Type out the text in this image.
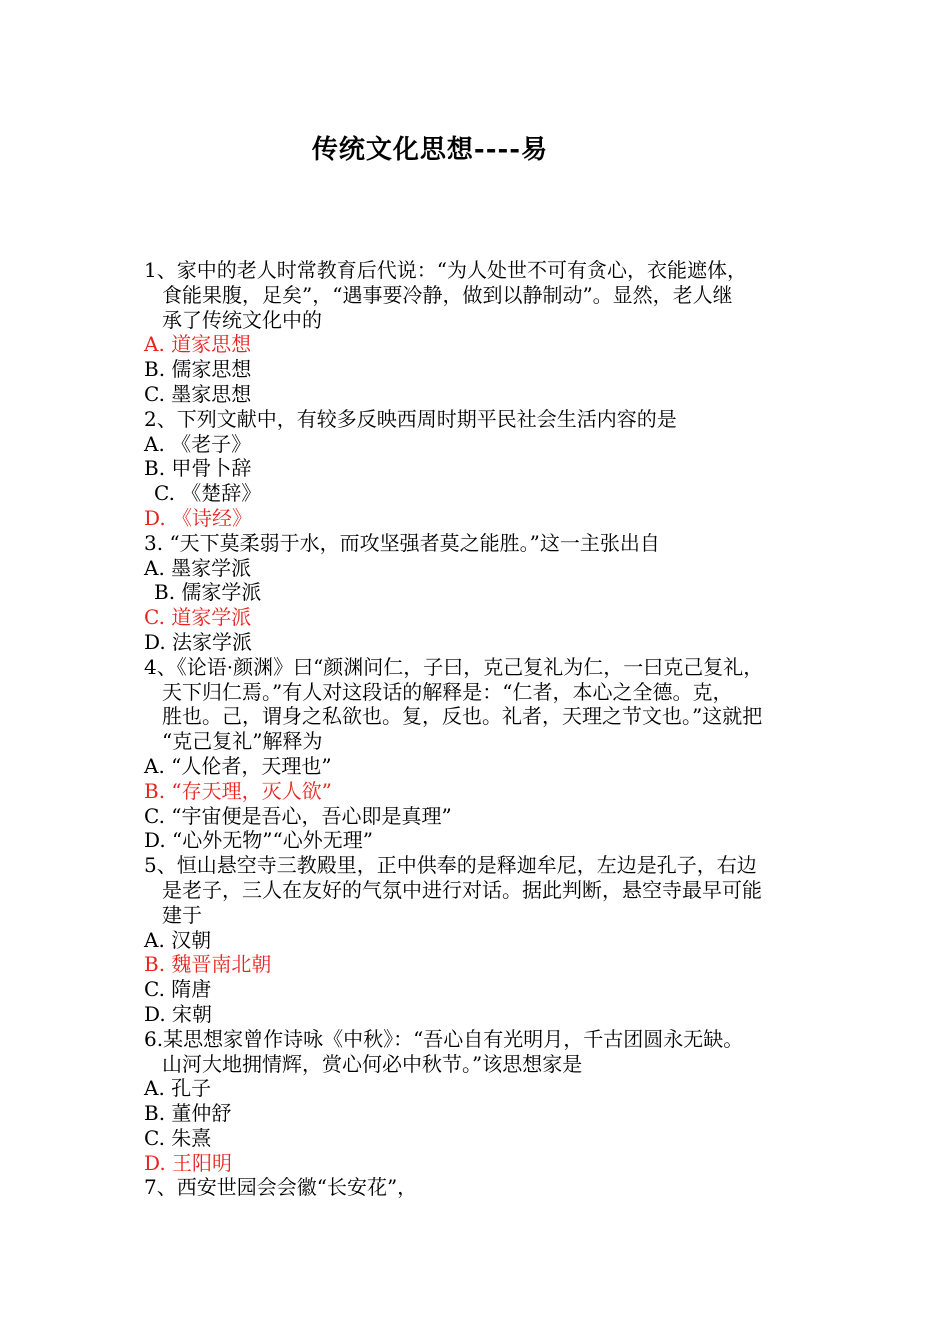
传统文化思想----易
1、家中的老人时常教育后代说：“为人处世不可有贪心，衣能遮体，
食能果腹，足矣”，“遇事要冷静，做到以静制动”。显然，老人继
承了传统文化中的
A. 道家思想
B. 儒家思想
C. 墨家思想
2、下列文献中，有较多反映西周时期平民社会生活内容的是
A. 《老子》
B. 甲骨卜辞
C. 《楚辞》
D. 《诗经》
3. “天下莫柔弱于水，而攻坚强者莫之能胜。”这一主张出自
A. 墨家学派
B. 儒家学派
C. 道家学派
D. 法家学派
4、《论语·颜渊》曰“颜渊问仁，子曰，克己复礼为仁，一曰克己复礼，
天下归仁焉。”有人对这段话的解释是：“仁者，本心之全德。克，
胜也。己，谓身之私欲也。复，反也。礼者，天理之节文也。”这就把
“克己复礼”解释为
A. “人伦者，天理也”
B. “存天理，灭人欲”
C. “宇宙便是吾心，吾心即是真理”
D. “心外无物”“心外无理”
5、恒山悬空寺三教殿里，正中供奉的是释迦牟尼，左边是孔子，右边
是老子，三人在友好的气氛中进行对话。据此判断，悬空寺最早可能
建于
A. 汉朝
B. 魏晋南北朝
C. 隋唐
D. 宋朝
6.某思想家曾作诗咏《中秋》：“吾心自有光明月，千古团圆永无缺。
山河大地拥情辉，赏心何必中秋节。”该思想家是
A. 孔子
B. 董仲舒
C. 朱熹
D. 王阳明
7、西安世园会会徽“长安花”，
